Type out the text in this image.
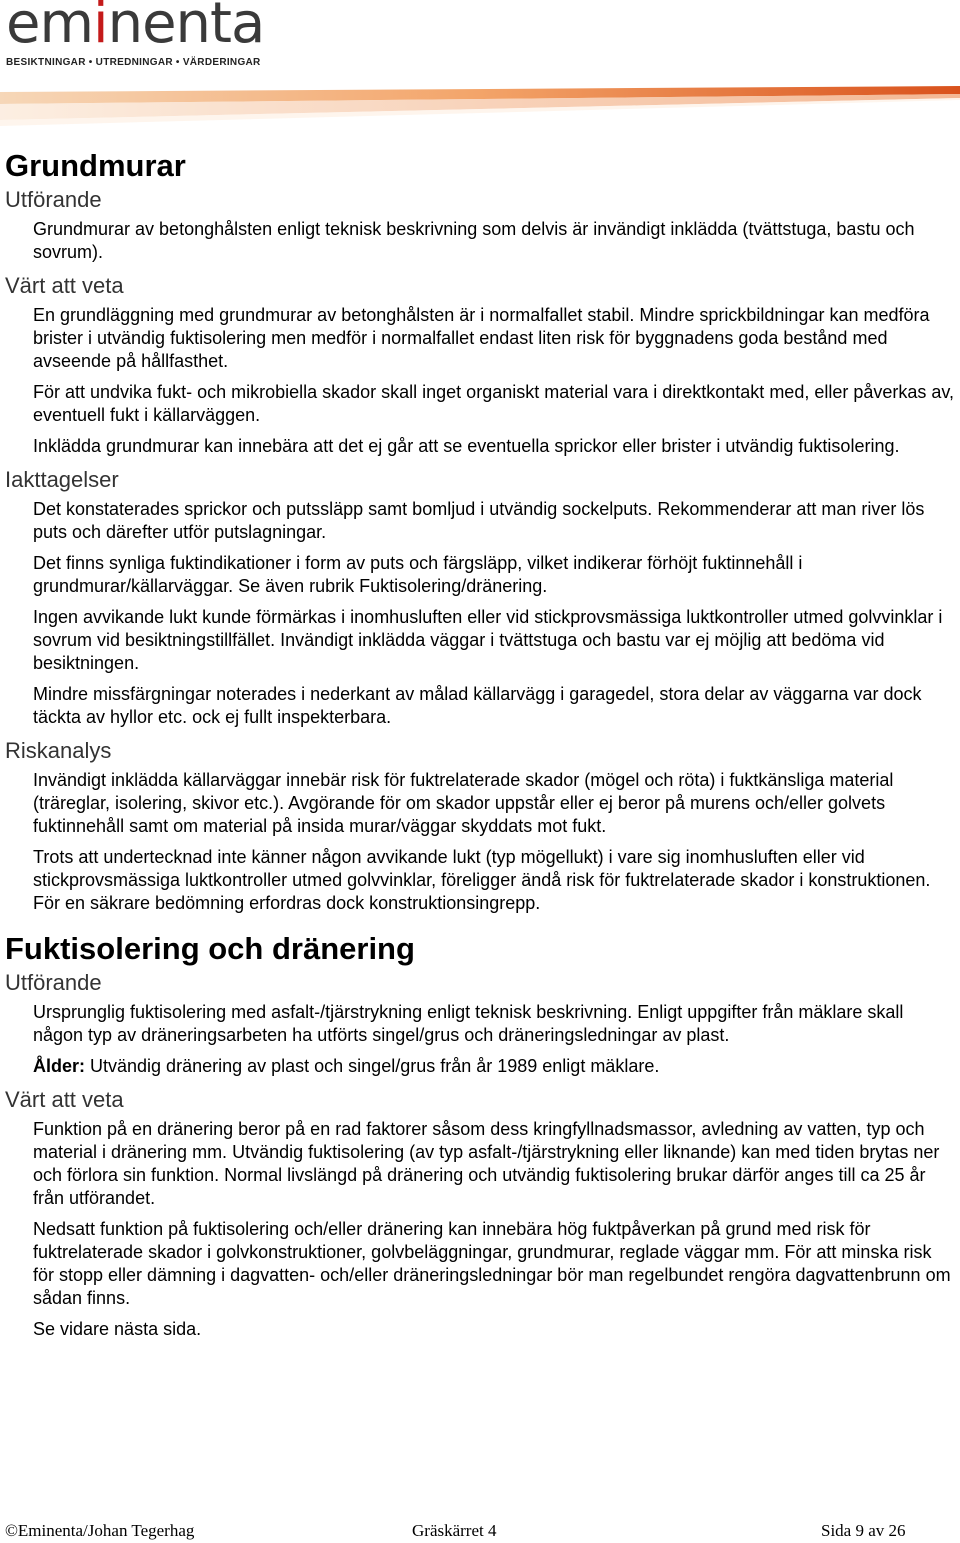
eminenta
BESIKTNINGAR • UTREDNINGAR • VÄRDERINGAR
Grundmurar
Utförande

Grundmurar av betonghålsten enligt teknisk beskrivning som delvis är invändigt inklädda (tvättstuga, bastu och sovrum).

Värt att veta

En grundläggning med grundmurar av betonghålsten är i normalfallet stabil. Mindre sprickbildningar kan medföra brister i utvändig fuktisolering men medför i normalfallet endast liten risk för byggnadens goda bestånd med avseende på hållfasthet.

För att undvika fukt- och mikrobiella skador skall inget organiskt material vara i direktkontakt med, eller påverkas av, eventuell fukt i källarväggen.

Inklädda grundmurar kan innebära att det ej går att se eventuella sprickor eller brister i utvändig fuktisolering.

Iakttagelser

Det konstaterades sprickor och putssläpp samt bomljud i utvändig sockelputs. Rekommenderar att man river lös puts och därefter utför putslagningar.

Det finns synliga fuktindikationer i form av puts och färgsläpp, vilket indikerar förhöjt fuktinnehåll i grundmurar/källarväggar. Se även rubrik Fuktisolering/dränering.

Ingen avvikande lukt kunde förmärkas i inomhusluften eller vid stickprovsmässiga luktkontroller utmed golvvinklar i sovrum vid besiktningstillfället. Invändigt inklädda väggar i tvättstuga och bastu var ej möjlig att bedöma vid besiktningen.

Mindre missfärgningar noterades i nederkant av målad källarvägg i garagedel, stora delar av väggarna var dock täckta av hyllor etc. ock ej fullt inspekterbara.

Riskanalys

Invändigt inklädda källarväggar innebär risk för fuktrelaterade skador (mögel och röta) i fuktkänsliga material (träreglar, isolering, skivor etc.). Avgörande för om skador uppstår eller ej beror på murens och/eller golvets fuktinnehåll samt om material på insida murar/väggar skyddats mot fukt.

Trots att undertecknad inte känner någon avvikande lukt (typ mögellukt) i vare sig inomhusluften eller vid stickprovsmässiga luktkontroller utmed golvvinklar, föreligger ändå risk för fuktrelaterade skador i konstruktionen. För en säkrare bedömning erfordras dock konstruktionsingrepp.

Fuktisolering och dränering
Utförande

Ursprunglig fuktisolering med asfalt-/tjärstrykning enligt teknisk beskrivning. Enligt uppgifter från mäklare skall någon typ av dräneringsarbeten ha utförts singel/grus och dräneringsledningar av plast.

Ålder: Utvändig dränering av plast och singel/grus från år 1989 enligt mäklare.

Värt att veta

Funktion på en dränering beror på en rad faktorer såsom dess kringfyllnadsmassor, avledning av vatten, typ och material i dränering mm. Utvändig fuktisolering (av typ asfalt-/tjärstrykning eller liknande) kan med tiden brytas ner och förlora sin funktion. Normal livslängd på dränering och utvändig fuktisolering brukar därför anges till ca 25 år från utförandet.

Nedsatt funktion på fuktisolering och/eller dränering kan innebära hög fuktpåverkan på grund med risk för fuktrelaterade skador i golvkonstruktioner, golvbeläggningar, grundmurar, reglade väggar mm. För att minska risk för stopp eller dämning i dagvatten- och/eller dräneringsledningar bör man regelbundet rengöra dagvattenbrunn om sådan finns.

Se vidare nästa sida.

©Eminenta/Johan Tegerhag	Gräskärret 4	Sida 9 av 26
